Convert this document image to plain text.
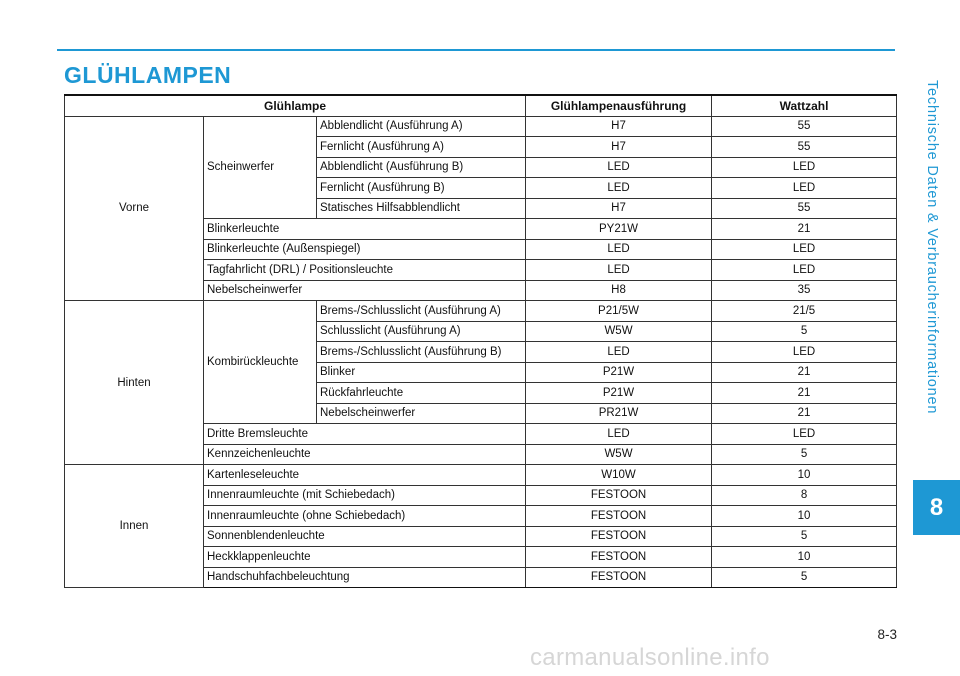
GLÜHLAMPEN
Technische Daten & Verbraucherinformationen
8
Glühlampe			Glühlampenausführung	Wattzahl
Vorne	Scheinwerfer	Abblendlicht (Ausführung A)	H7	55
		Fernlicht (Ausführung A)	H7	55
		Abblendlicht (Ausführung B)	LED	LED
		Fernlicht (Ausführung B)	LED	LED
		Statisches Hilfsabblendlicht	H7	55
	Blinkerleuchte		PY21W	21
	Blinkerleuchte (Außenspiegel)		LED	LED
	Tagfahrlicht (DRL) / Positionsleuchte		LED	LED
	Nebelscheinwerfer		H8	35
Hinten	Kombirückleuchte	Brems-/Schlusslicht (Ausführung A)	P21/5W	21/5
		Schlusslicht (Ausführung A)	W5W	5
		Brems-/Schlusslicht (Ausführung B)	LED	LED
		Blinker	P21W	21
		Rückfahrleuchte	P21W	21
		Nebelscheinwerfer	PR21W	21
	Dritte Bremsleuchte		LED	LED
	Kennzeichenleuchte		W5W	5
Innen	Kartenleseleuchte		W10W	10
	Innenraumleuchte (mit Schiebedach)		FESTOON	8
	Innenraumleuchte (ohne Schiebedach)		FESTOON	10
	Sonnenblendenleuchte		FESTOON	5
	Heckklappenleuchte		FESTOON	10
	Handschuhfachbeleuchtung		FESTOON	5
8-3
carmanualsonline.info
